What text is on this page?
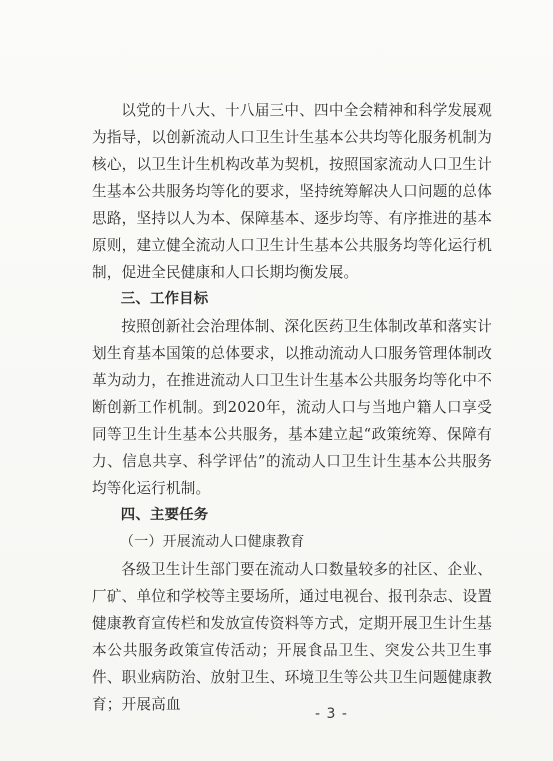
以党的十八大、十八届三中、四中全会精神和科学发展观为指导，以创新流动人口卫生计生基本公共均等化服务机制为核心，以卫生计生机构改革为契机，按照国家流动人口卫生计生基本公共服务均等化的要求，坚持统筹解决人口问题的总体思路，坚持以人为本、保障基本、逐步均等、有序推进的基本原则，建立健全流动人口卫生计生基本公共服务均等化运行机制，促进全民健康和人口长期均衡发展。

三、工作目标

按照创新社会治理体制、深化医药卫生体制改革和落实计划生育基本国策的总体要求，以推动流动人口服务管理体制改革为动力，在推进流动人口卫生计生基本公共服务均等化中不断创新工作机制。到2020年，流动人口与当地户籍人口享受同等卫生计生基本公共服务，基本建立起“政策统筹、保障有力、信息共享、科学评估”的流动人口卫生计生基本公共服务均等化运行机制。

四、主要任务

（一）开展流动人口健康教育

各级卫生计生部门要在流动人口数量较多的社区、企业、厂矿、单位和学校等主要场所，通过电视台、报刊杂志、设置健康教育宣传栏和发放宣传资料等方式，定期开展卫生计生基本公共服务政策宣传活动；开展食品卫生、突发公共卫生事件、职业病防治、放射卫生、环境卫生等公共卫生问题健康教育；开展高血

- 3 -
